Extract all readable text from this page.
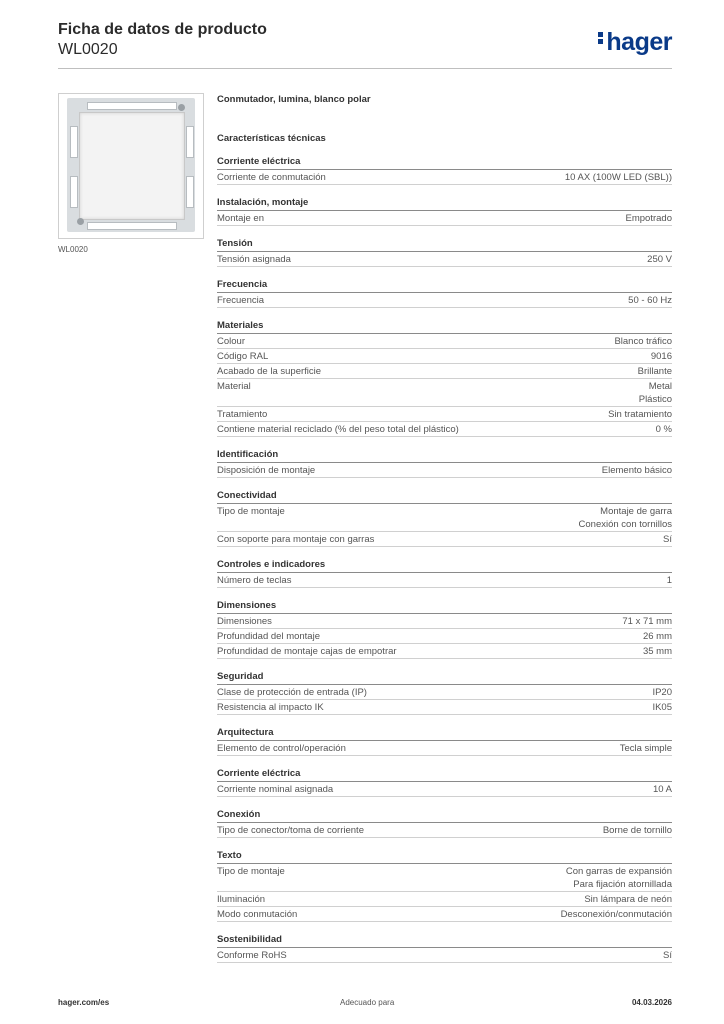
Ficha de datos de producto
WL0020	hager
WL0020
Conmutador, lumina, blanco polar
Características técnicas
Corriente eléctrica
Corriente de conmutación	10 AX (100W LED (SBL))
Instalación, montaje
Montaje en	Empotrado
Tensión
Tensión asignada	250 V
Frecuencia
Frecuencia	50 - 60 Hz
Materiales
Colour	Blanco tráfico
Código RAL	9016
Acabado de la superficie	Brillante
Material	Metal
Plástico
Tratamiento	Sin tratamiento
Contiene material reciclado (% del peso total del plástico)	0 %
Identificación
Disposición de montaje	Elemento básico
Conectividad
Tipo de montaje	Montaje de garra
Conexión con tornillos
Con soporte para montaje con garras	Sí
Controles e indicadores
Número de teclas	1
Dimensiones
Dimensiones	71 x 71 mm
Profundidad del montaje	26 mm
Profundidad de montaje cajas de empotrar	35 mm
Seguridad
Clase de protección de entrada (IP)	IP20
Resistencia al impacto IK	IK05
Arquitectura
Elemento de control/operación	Tecla simple
Corriente eléctrica
Corriente nominal asignada	10 A
Conexión
Tipo de conector/toma de corriente	Borne de tornillo
Texto
Tipo de montaje	Con garras de expansión
Para fijación atornillada
Iluminación	Sin lámpara de neón
Modo conmutación	Desconexión/conmutación
Sostenibilidad
Conforme RoHS	Sí
hager.com/es	Adecuado para	04.03.2026
